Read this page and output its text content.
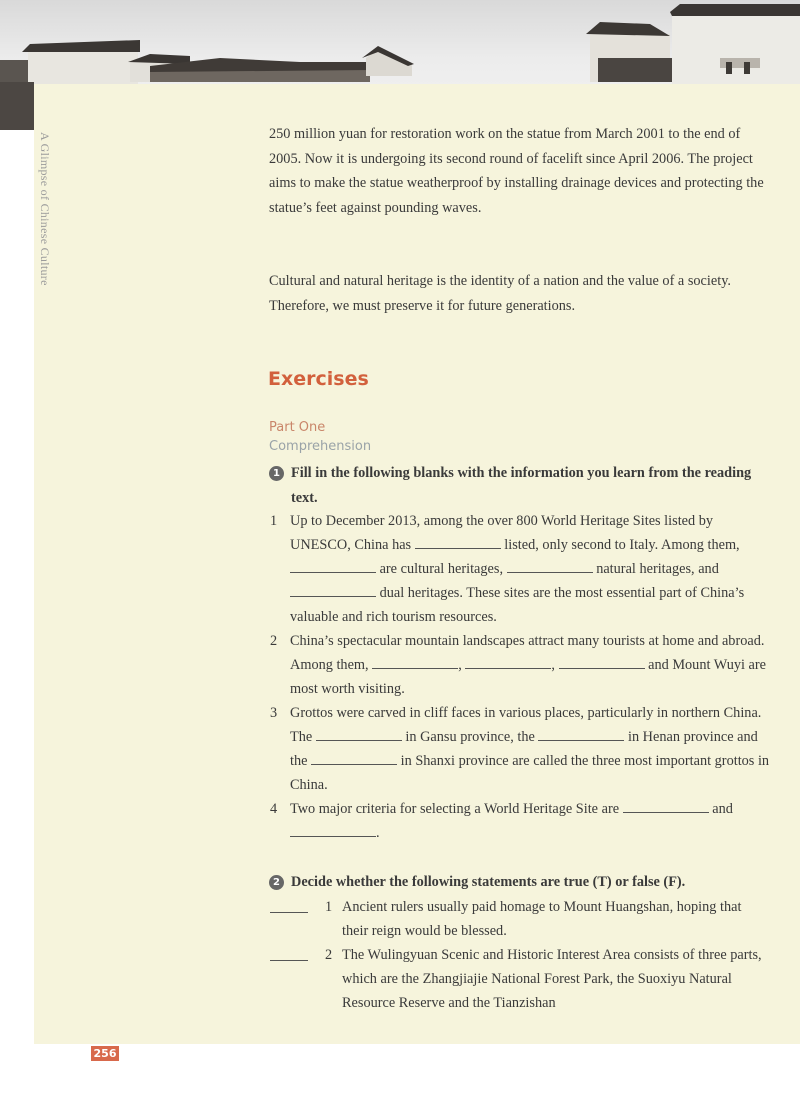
A Glimpse of Chinese Culture	250 million yuan for restoration work on the statue from March 2001 to the end of 2005. Now it is undergoing its second round of facelift since April 2006. The project aims to make the statue weatherproof by installing drainage devices and protecting the statue’s feet against pounding waves.

Cultural and natural heritage is the identity of a nation and the value of a society. Therefore, we must preserve it for future generations.

Exercises
Part One
Comprehension
1 Fill in the following blanks with the information you learn from the reading text.
1 Up to December 2013, among the over 800 World Heritage Sites listed by UNESCO, China has	listed, only second to Italy. Among them,  are cultural heritages,	natural heritages, and  dual heritages. These sites are the most essential part of China’s valuable and rich tourism resources.
2 China’s spectacular mountain landscapes attract many tourists at home and abroad. Among them,	,	,	and Mount Wuyi are most worth visiting.
3 Grottos were carved in cliff faces in various places, particularly in northern China. The	in Gansu province, the	in Henan province and the	in Shanxi province are called the three most important grottos in China.
4 Two major criteria for selecting a World Heritage Site are	and .
2 Decide whether the following statements are true (T) or false (F).
1 Ancient rulers usually paid homage to Mount Huangshan, hoping that their reign would be blessed.
2 The Wulingyuan Scenic and Historic Interest Area consists of three parts, which are the Zhangjiajie National Forest Park, the Suoxiyu Natural Resource Reserve and the Tianzishan
256
